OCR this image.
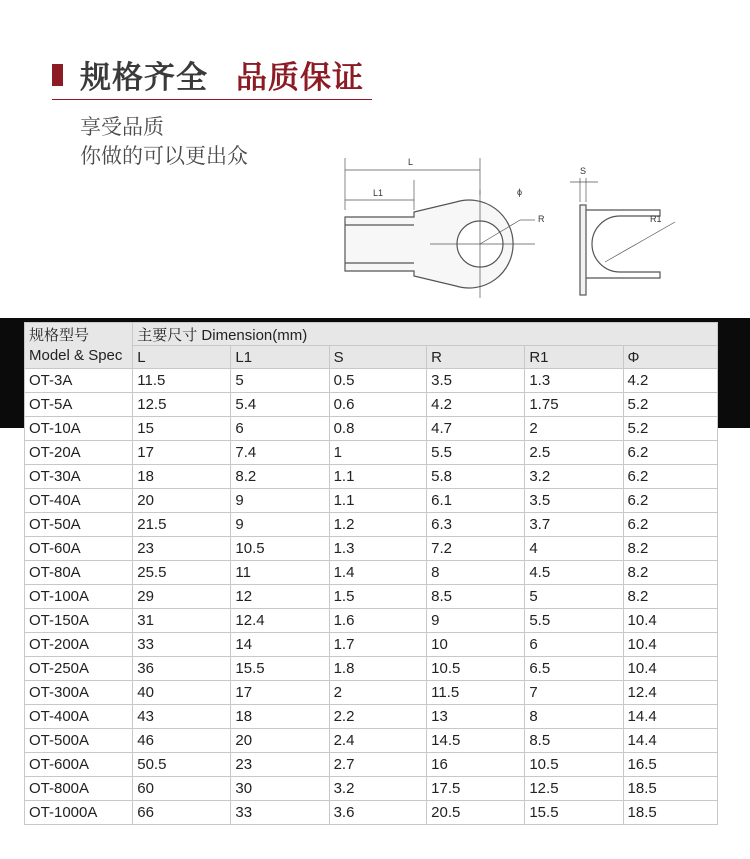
规格齐全 品质保证
享受品质
你做的可以更出众	L
L1	ϕ
R
S
R1
规格型号
Model & Spec	主要尺寸 Dimension(mm)					
	L	L1	S	R	R1	Φ
OT-3A	11.5	5	0.5	3.5	1.3	4.2
OT-5A	12.5	5.4	0.6	4.2	1.75	5.2
OT-10A	15	6	0.8	4.7	2	5.2
OT-20A	17	7.4	1	5.5	2.5	6.2
OT-30A	18	8.2	1.1	5.8	3.2	6.2
OT-40A	20	9	1.1	6.1	3.5	6.2
OT-50A	21.5	9	1.2	6.3	3.7	6.2
OT-60A	23	10.5	1.3	7.2	4	8.2
OT-80A	25.5	11	1.4	8	4.5	8.2
OT-100A	29	12	1.5	8.5	5	8.2
OT-150A	31	12.4	1.6	9	5.5	10.4
OT-200A	33	14	1.7	10	6	10.4
OT-250A	36	15.5	1.8	10.5	6.5	10.4
OT-300A	40	17	2	11.5	7	12.4
OT-400A	43	18	2.2	13	8	14.4
OT-500A	46	20	2.4	14.5	8.5	14.4
OT-600A	50.5	23	2.7	16	10.5	16.5
OT-800A	60	30	3.2	17.5	12.5	18.5
OT-1000A	66	33	3.6	20.5	15.5	18.5
